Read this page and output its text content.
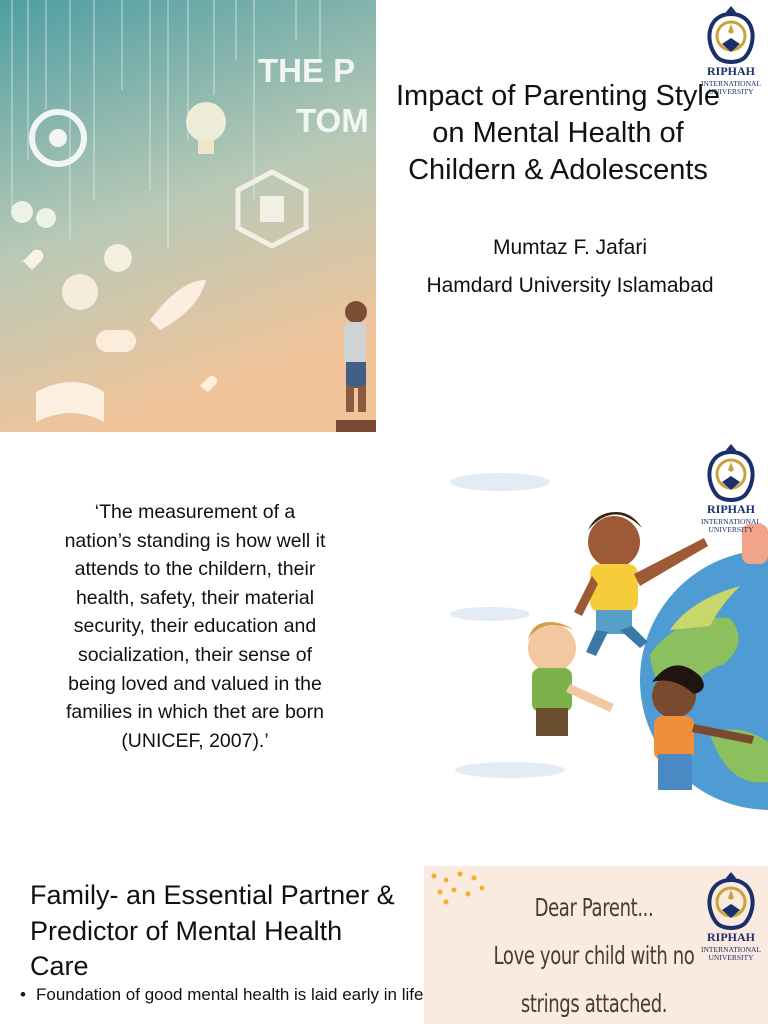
THE P
TOM
Impact of Parenting Style
on Mental Health of
Childern & Adolescents
Mumtaz F. Jafari
Hamdard University Islamabad
RIPHAH
INTERNATIONAL
UNIVERSITY
‘The measurement of a
nation’s standing is how well it
attends to the childern, their
health, safety, their material
security, their education and
socialization, their sense of
being loved and valued in the
families in which thet are born
(UNICEF, 2007).’
RIPHAH
INTERNATIONAL
UNIVERSITY
Family- an Essential Partner &
Predictor of Mental Health
Care
• Foundation of good mental health is laid early in life
Dear Parent...
Love your child with no
strings attached.
RIPHAH
INTERNATIONAL
UNIVERSITY
